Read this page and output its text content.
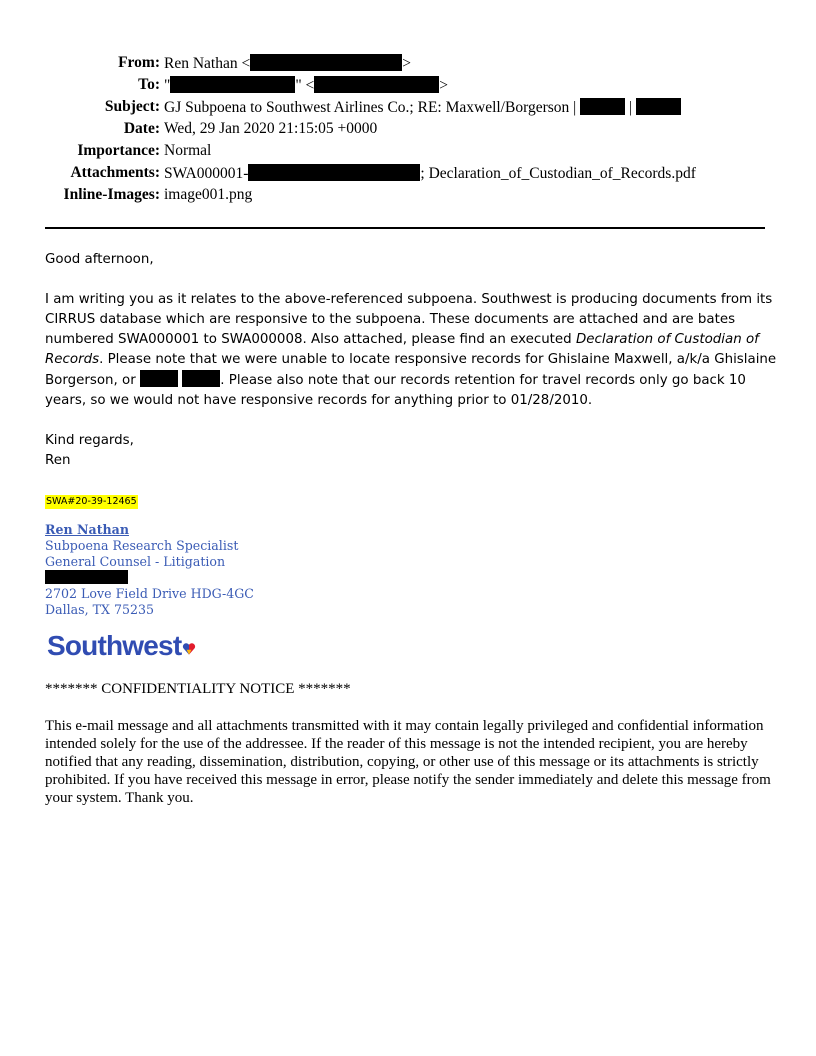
From: Ren Nathan <	>
To: "	" <	>
Subject: GJ Subpoena to Southwest Airlines Co.; RE: Maxwell/Borgerson |	|
Date: Wed, 29 Jan 2020 21:15:05 +0000
Importance: Normal
Attachments: SWA000001-	; Declaration_of_Custodian_of_Records.pdf
Inline-Images: image001.png

Good afternoon,

I am writing you as it relates to the above-referenced subpoena. Southwest is producing documents from its CIRRUS database which are responsive to the subpoena. These documents are attached and are bates numbered SWA000001 to SWA000008. Also attached, please find an executed Declaration of Custodian of Records. Please note that we were unable to locate responsive records for Ghislaine Maxwell, a/k/a Ghislaine Borgerson, or	. Please also note that our records retention for travel records only go back 10 years, so we would not have responsive records for anything prior to 01/28/2010.

Kind regards,

Ren

SWA#20-39-12465
Ren Nathan
Subpoena Research Specialist
General Counsel - Litigation
2702 Love Field Drive HDG-4GC
Dallas, TX 75235
Southwest
******* CONFIDENTIALITY NOTICE *******
This e-mail message and all attachments transmitted with it may contain legally privileged and confidential information intended solely for the use of the addressee. If the reader of this message is not the intended recipient, you are hereby notified that any reading, dissemination, distribution, copying, or other use of this message or its attachments is strictly prohibited. If you have received this message in error, please notify the sender immediately and delete this message from your system. Thank you.
